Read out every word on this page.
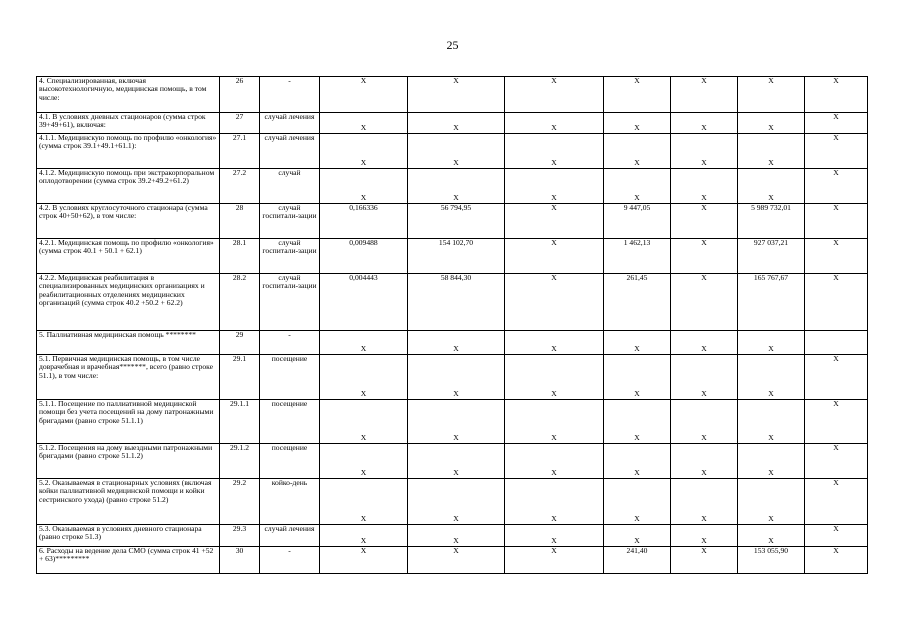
25
4. Специализированная, включая высокотехнологичную, медицинская помощь, в том числе:	26	-	X	X	X	X	X	X	X
4.1. В условиях дневных стационаров (сумма строк 39+49+61), включая:	27	случай лечения	X	X	X	X	X	X	X
4.1.1. Медицинскую помощь по профилю «онкология» (сумма строк 39.1+49.1+61.1):	27.1	случай лечения	X	X	X	X	X	X	X
4.1.2. Медицинскую помощь при экстракорпоральном оплодотворении (сумма строк 39.2+49.2+61.2)	27.2	случай	X	X	X	X	X	X	X
4.2. В условиях круглосуточного стационара (сумма строк 40+50+62), в том числе:	28	случай госпитали-зации	0,166336	56 794,95	X	9 447,05	X	5 989 732,01	X
4.2.1. Медицинская помощь по профилю «онкология» (сумма строк 40.1 + 50.1 + 62.1)	28.1	случай госпитали-зации	0,009488	154 102,70	X	1 462,13	X	927 037,21	X
4.2.2. Медицинская реабилитация в специализированных медицинских организациях и реабилитационных отделениях медицинских организаций (сумма строк 40.2 +50.2 + 62.2)	28.2	случай госпитали-зации	0,004443	58 844,30	X	261,45	X	165 767,67	X
5. Паллиативная медицинская помощь ********	29	-	X	X	X	X	X	X	
5.1. Первичная медицинская помощь, в том числе доврачебная и врачебная*******, всего (равно строке 51.1), в том числе:	29.1	посещение	X	X	X	X	X	X	X
5.1.1. Посещение по паллиативной медицинской помощи без учета посещений на дому патронажными бригадами (равно строке 51.1.1)	29.1.1	посещение	X	X	X	X	X	X	X
5.1.2. Посещения на дому выездными патронажными бригадами (равно строке 51.1.2)	29.1.2	посещение	X	X	X	X	X	X	X
5.2. Оказываемая в стационарных условиях (включая койки паллиативной медицинской помощи и койки сестринского ухода) (равно строке 51.2)	29.2	койко-день	X	X	X	X	X	X	X
5.3. Оказываемая в условиях дневного стационара (равно строке 51.3)	29.3	случай лечения	X	X	X	X	X	X	X
6. Расходы на ведение дела СМО (сумма строк 41 +52 + 63)*********	30	-	X	X	X	241,40	X	153 055,90	X
